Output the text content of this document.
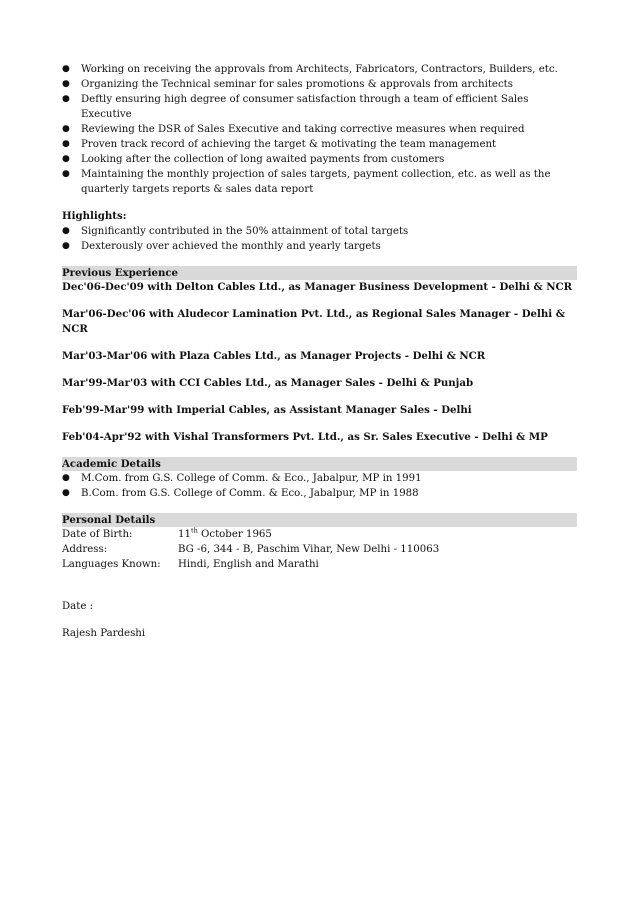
● Working on receiving the approvals from Architects, Fabricators, Contractors, Builders, etc.
● Organizing the Technical seminar for sales promotions & approvals from architects
● Deftly ensuring high degree of consumer satisfaction through a team of efficient Sales Executive
● Reviewing the DSR of Sales Executive and taking corrective measures when required
● Proven track record of achieving the target & motivating the team management
● Looking after the collection of long awaited payments from customers
● Maintaining the monthly projection of sales targets, payment collection, etc. as well as the quarterly targets reports & sales data report
Highlights:
● Significantly contributed in the 50% attainment of total targets
● Dexterously over achieved the monthly and yearly targets
Previous Experience
Dec'06-Dec'09 with Delton Cables Ltd., as Manager Business Development - Delhi & NCR
Mar'06-Dec'06 with Aludecor Lamination Pvt. Ltd., as Regional Sales Manager - Delhi & NCR
Mar'03-Mar'06 with Plaza Cables Ltd., as Manager Projects - Delhi & NCR
Mar'99-Mar'03 with CCI Cables Ltd., as Manager Sales - Delhi & Punjab
Feb'99-Mar'99 with Imperial Cables, as Assistant Manager Sales - Delhi
Feb'04-Apr'92 with Vishal Transformers Pvt. Ltd., as Sr. Sales Executive - Delhi & MP
Academic Details
● M.Com. from G.S. College of Comm. & Eco., Jabalpur, MP in 1991
● B.Com. from G.S. College of Comm. & Eco., Jabalpur, MP in 1988
Personal Details
Date of Birth:	11th October 1965
Address:	BG -6, 344 - B, Paschim Vihar, New Delhi - 110063
Languages Known:	Hindi, English and Marathi
Date :
Rajesh Pardeshi
